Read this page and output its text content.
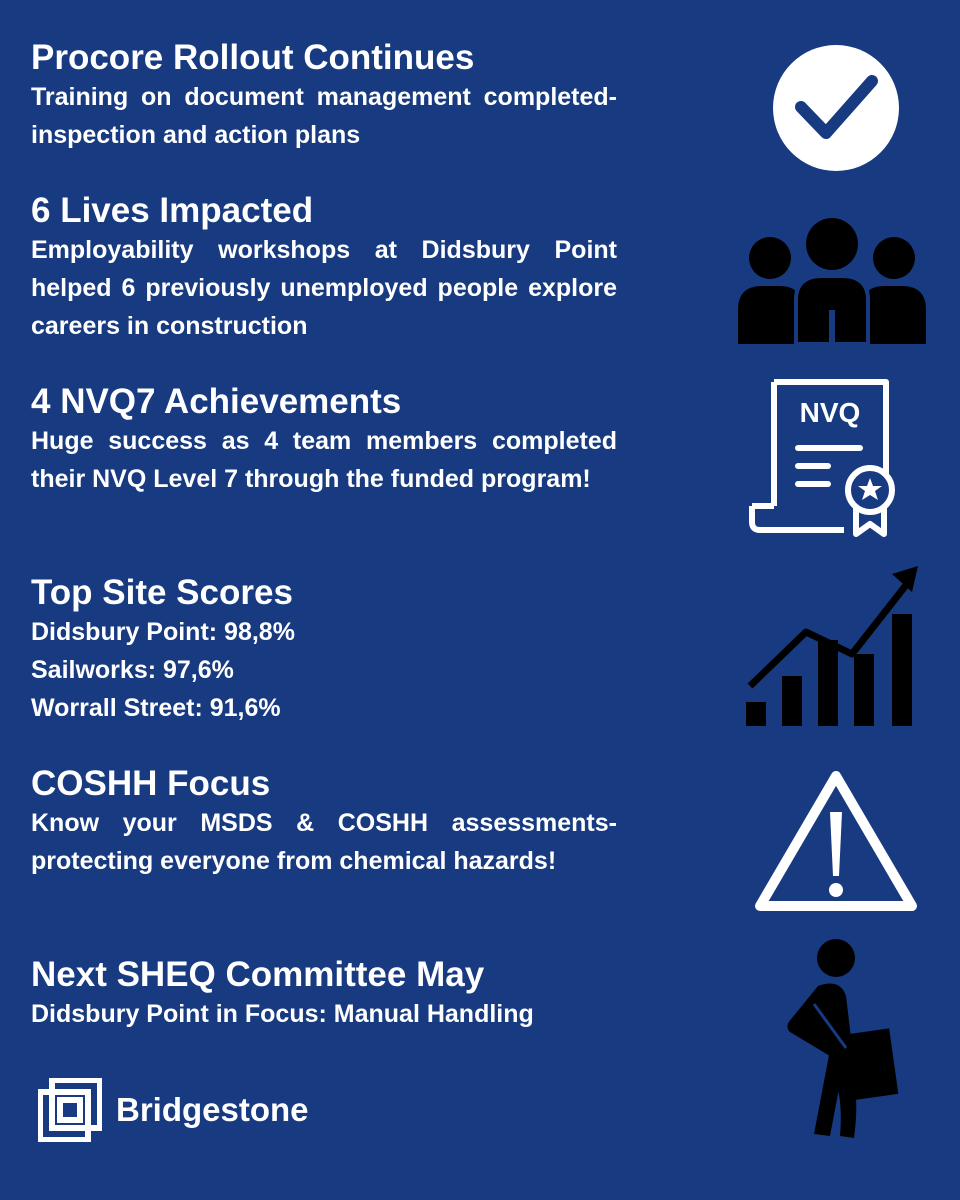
Procore Rollout Continues

Training on document management completed-inspection and action plans

6 Lives Impacted

Employability workshops at Didsbury Point helped 6 previously unemployed people explore careers in construction

4 NVQ7 Achievements

Huge success as 4 team members completed their NVQ Level 7 through the funded program!

Top Site Scores
Didsbury Point: 98,8%
Sailworks: 97,6%
Worrall Street: 91,6%
COSHH Focus

Know your MSDS & COSHH assessments-protecting everyone from chemical hazards!

Next SHEQ Committee May
Didsbury Point in Focus: Manual Handling
NVQ
Bridgestone
